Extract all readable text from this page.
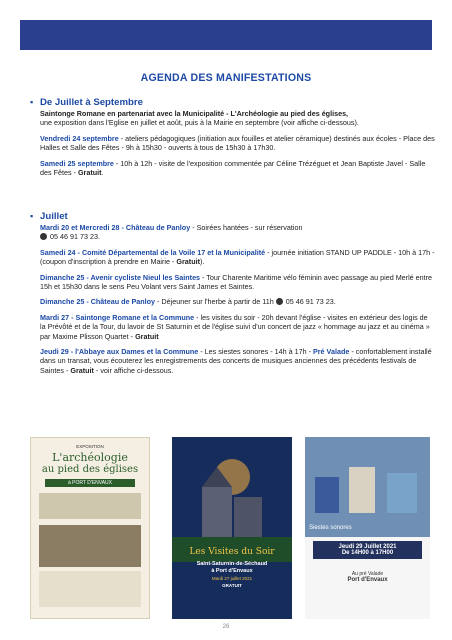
AGENDA DES MANIFESTATIONS
▪ De Juillet à Septembre
Saintonge Romane en partenariat avec la Municipalité - L'Archéologie au pied des églises,
une exposition dans l'Eglise en juillet et août, puis à la Mairie en septembre (voir affiche ci-dessous).
Vendredi 24 septembre - ateliers pédagogiques (initiation aux fouilles et atelier céramique) destinés aux écoles - Place des Halles et Salle des Fêtes - 9h à 15h30 - ouverts à tous de 15h30 à 17h30.
Samedi 25 septembre - 10h à 12h - visite de l'exposition commentée par Céline Trézéguet et Jean Baptiste Javel - Salle des Fêtes - Gratuit.
▪ Juillet
Mardi 20 et Mercredi 28 - Château de Panloy - Soirées hantées - sur réservation
05 46 91 73 23.
Samedi 24 - Comité Départemental de la Voile 17 et la Municipalité - journée initiation STAND UP PADDLE - 10h à 17h - (coupon d'inscription à prendre en Mairie - Gratuit).
Dimanche 25 - Avenir cycliste Nieul les Saintes - Tour Charente Maritime vélo féminin avec passage au pied Merlé entre 15h et 15h30 dans le sens Peu Volant vers Saint James et Saintes.
Dimanche 25 - Château de Panloy - Déjeuner sur l'herbe à partir de 11h 05 46 91 73 23.
Mardi 27 - Saintonge Romane et la Commune - les visites du soir - 20h devant l'église - visites en extérieur des logis de la Prévôté et de la Tour, du lavoir de St Saturnin et de l'église suivi d'un concert de jazz « hommage au jazz et au cinéma » par Maxime Plisson Quartet - Gratuit
Jeudi 29 - l'Abbaye aux Dames et la Commune - Les siestes sonores - 14h à 17h - Pré Valade - confortablement installé dans un transat, vous écouterez les enregistrements des concerts de musiques anciennes des précédents festivals de Saintes - Gratuit - voir affiche ci-dessous.
EXPOSITION
L'archéologie
au pied des églises
à PORT D'ENVAUX
Les Visites du Soir
Saint-Saturnin-de-Séchaud
à Port d'Envaux
Mardi 27 juillet 2021
GRATUIT
Siestes sonores
Jeudi 29 Juillet 2021
De 14H00 à 17H00
Au pré Valade
Port d'Envaux
26
